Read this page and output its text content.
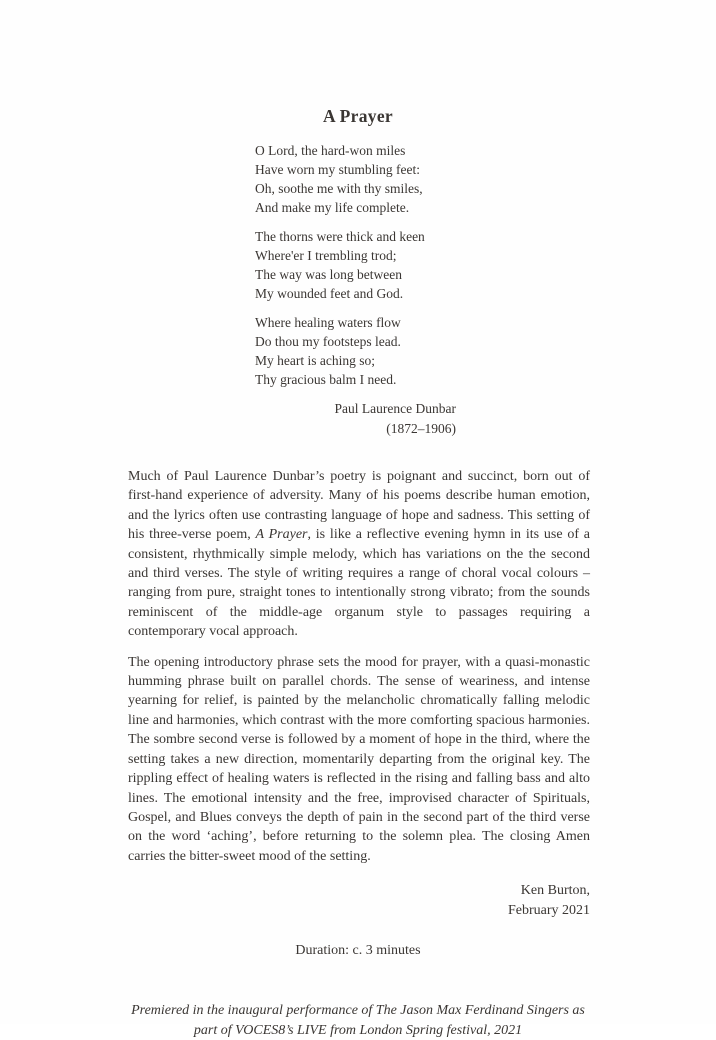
A Prayer
O Lord, the hard-won miles
Have worn my stumbling feet:
Oh, soothe me with thy smiles,
And make my life complete.
The thorns were thick and keen
Where'er I trembling trod;
The way was long between
My wounded feet and God.
Where healing waters flow
Do thou my footsteps lead.
My heart is aching so;
Thy gracious balm I need.
Paul Laurence Dunbar
(1872–1906)

Much of Paul Laurence Dunbar’s poetry is poignant and succinct, born out of first-hand experience of adversity. Many of his poems describe human emotion, and the lyrics often use contrasting language of hope and sadness. This setting of his three-verse poem, A Prayer, is like a reflective evening hymn in its use of a consistent, rhythmically simple melody, which has variations on the the second and third verses. The style of writing requires a range of choral vocal colours – ranging from pure, straight tones to intentionally strong vibrato; from the sounds reminiscent of the middle-age organum style to passages requiring a contemporary vocal approach.

The opening introductory phrase sets the mood for prayer, with a quasi-monastic humming phrase built on parallel chords. The sense of weariness, and intense yearning for relief, is painted by the melancholic chromatically falling melodic line and harmonies, which contrast with the more comforting spacious harmonies. The sombre second verse is followed by a moment of hope in the third, where the setting takes a new direction, momentarily departing from the original key. The rippling effect of healing waters is reflected in the rising and falling bass and alto lines. The emotional intensity and the free, improvised character of Spirituals, Gospel, and Blues conveys the depth of pain in the second part of the third verse on the word ‘aching’, before returning to the solemn plea. The closing Amen carries the bitter-sweet mood of the setting.

Ken Burton,
February 2021
Duration: c. 3 minutes
Premiered in the inaugural performance of The Jason Max Ferdinand Singers as
part of VOCES8’s LIVE from London Spring festival, 2021
